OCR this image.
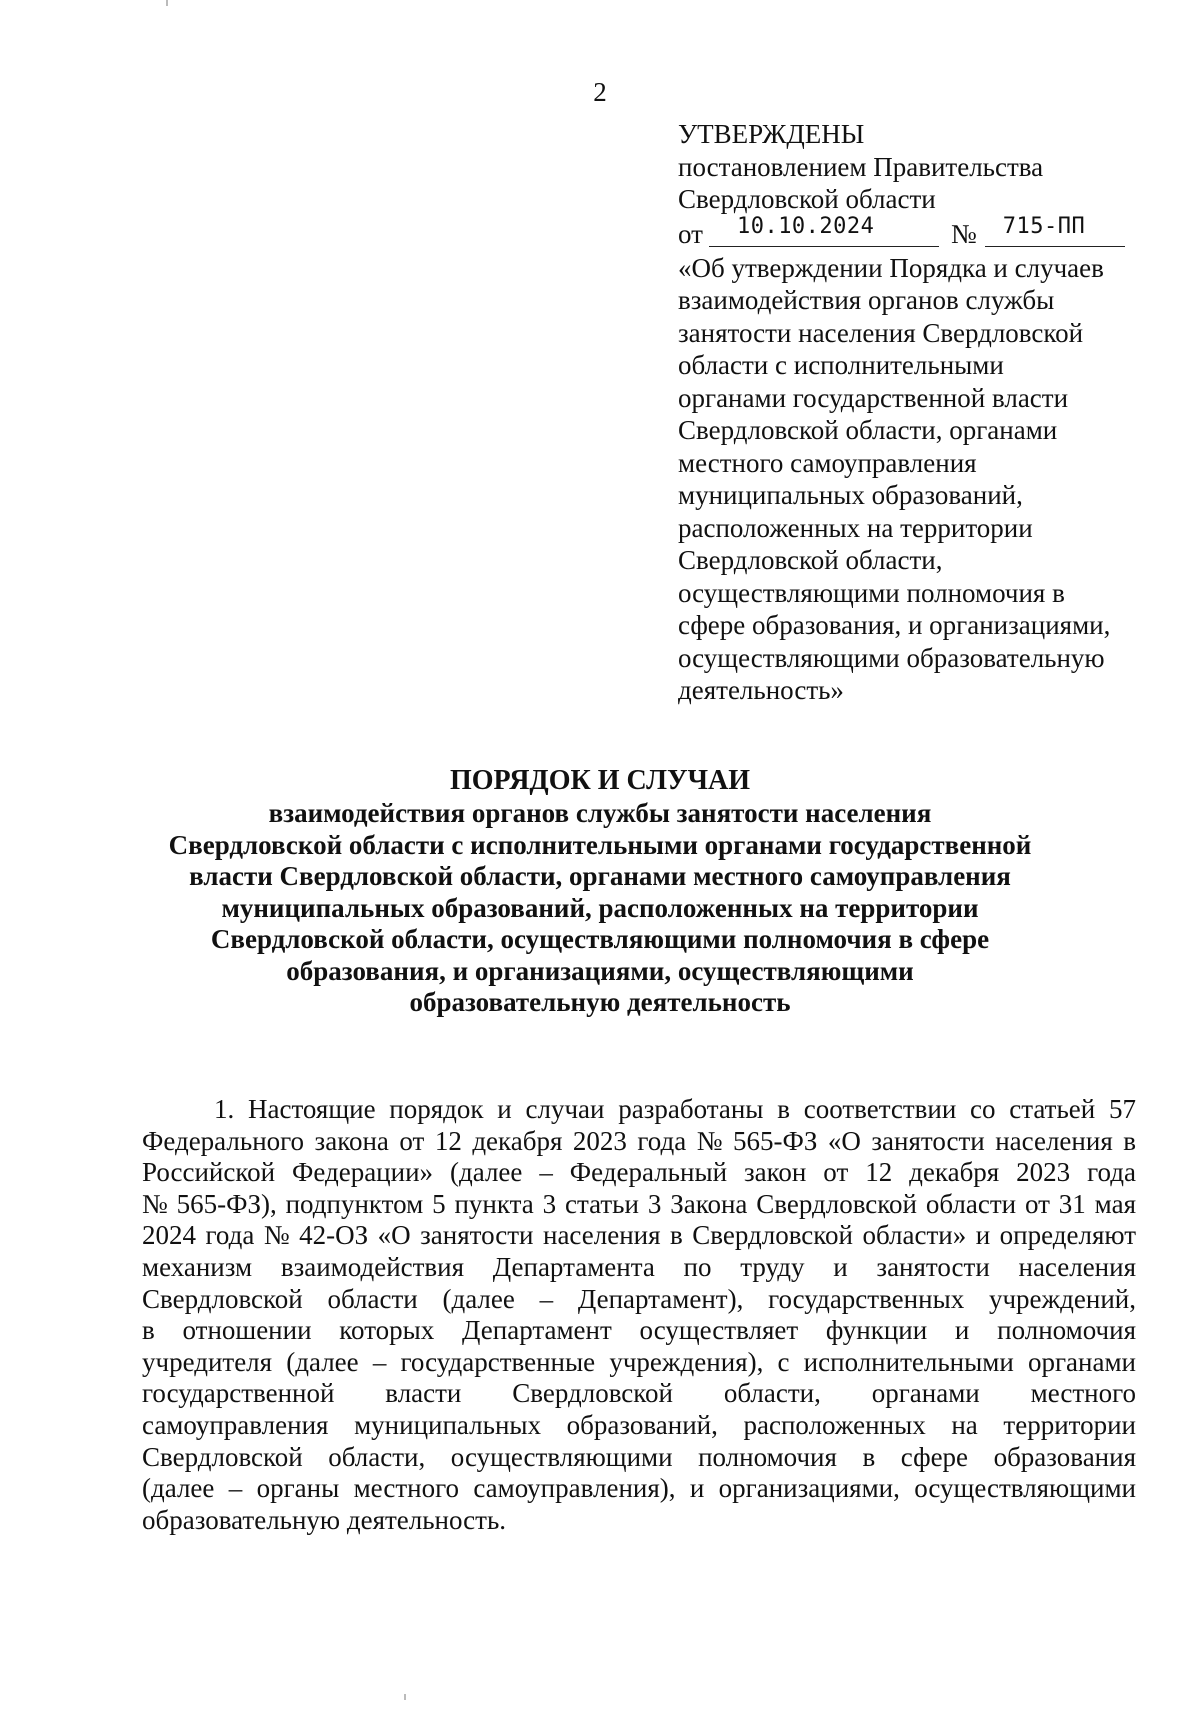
2
УТВЕРЖДЕНЫ
постановлением Правительства
Свердловской области
от 10.10.2024	№ 715-ПП
«Об утверждении Порядка и случаев
взаимодействия органов службы
занятости населения Свердловской
области с исполнительными
органами государственной власти
Свердловской области, органами
местного самоуправления
муниципальных образований,
расположенных на территории
Свердловской области,
осуществляющими полномочия в
сфере образования, и организациями,
осуществляющими образовательную
деятельность»
ПОРЯДОК И СЛУЧАИ
взаимодействия органов службы занятости населения
Свердловской области с исполнительными органами государственной
власти Свердловской области, органами местного самоуправления
муниципальных образований, расположенных на территории
Свердловской области, осуществляющими полномочия в сфере
образования, и организациями, осуществляющими
образовательную деятельность
1. Настоящие порядок и случаи разработаны в соответствии со статьей 57
Федерального закона от 12 декабря 2023 года № 565-ФЗ «О занятости населения в
Российской Федерации» (далее – Федеральный закон от 12 декабря 2023 года
№ 565-ФЗ), подпунктом 5 пункта 3 статьи 3 Закона Свердловской области от 31 мая
2024 года № 42-ОЗ «О занятости населения в Свердловской области» и определяют
механизм взаимодействия Департамента по труду и занятости населения
Свердловской области (далее – Департамент), государственных учреждений,
в отношении которых Департамент осуществляет функции и полномочия
учредителя (далее – государственные учреждения), с исполнительными органами
государственной власти Свердловской области, органами местного
самоуправления муниципальных образований, расположенных на территории
Свердловской области, осуществляющими полномочия в сфере образования
(далее – органы местного самоуправления), и организациями, осуществляющими
образовательную деятельность.
